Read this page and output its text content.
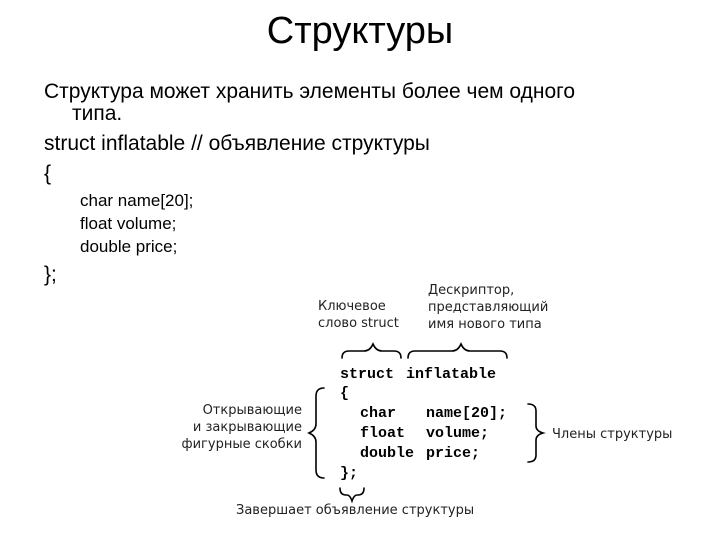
Структуры
Структура может хранить элементы более чем одного
типа.
struct inflatable // объявление структуры
{
char name[20];
float volume;
double price;
};
Ключевое
слово struct
Дескриптор,
представляющий
имя нового типа
Открывающие
и закрывающие
фигурные скобки
Члены структуры
Завершает объявление структуры
struct inflatable
{
char name[20];
float volume;
double price;
};
